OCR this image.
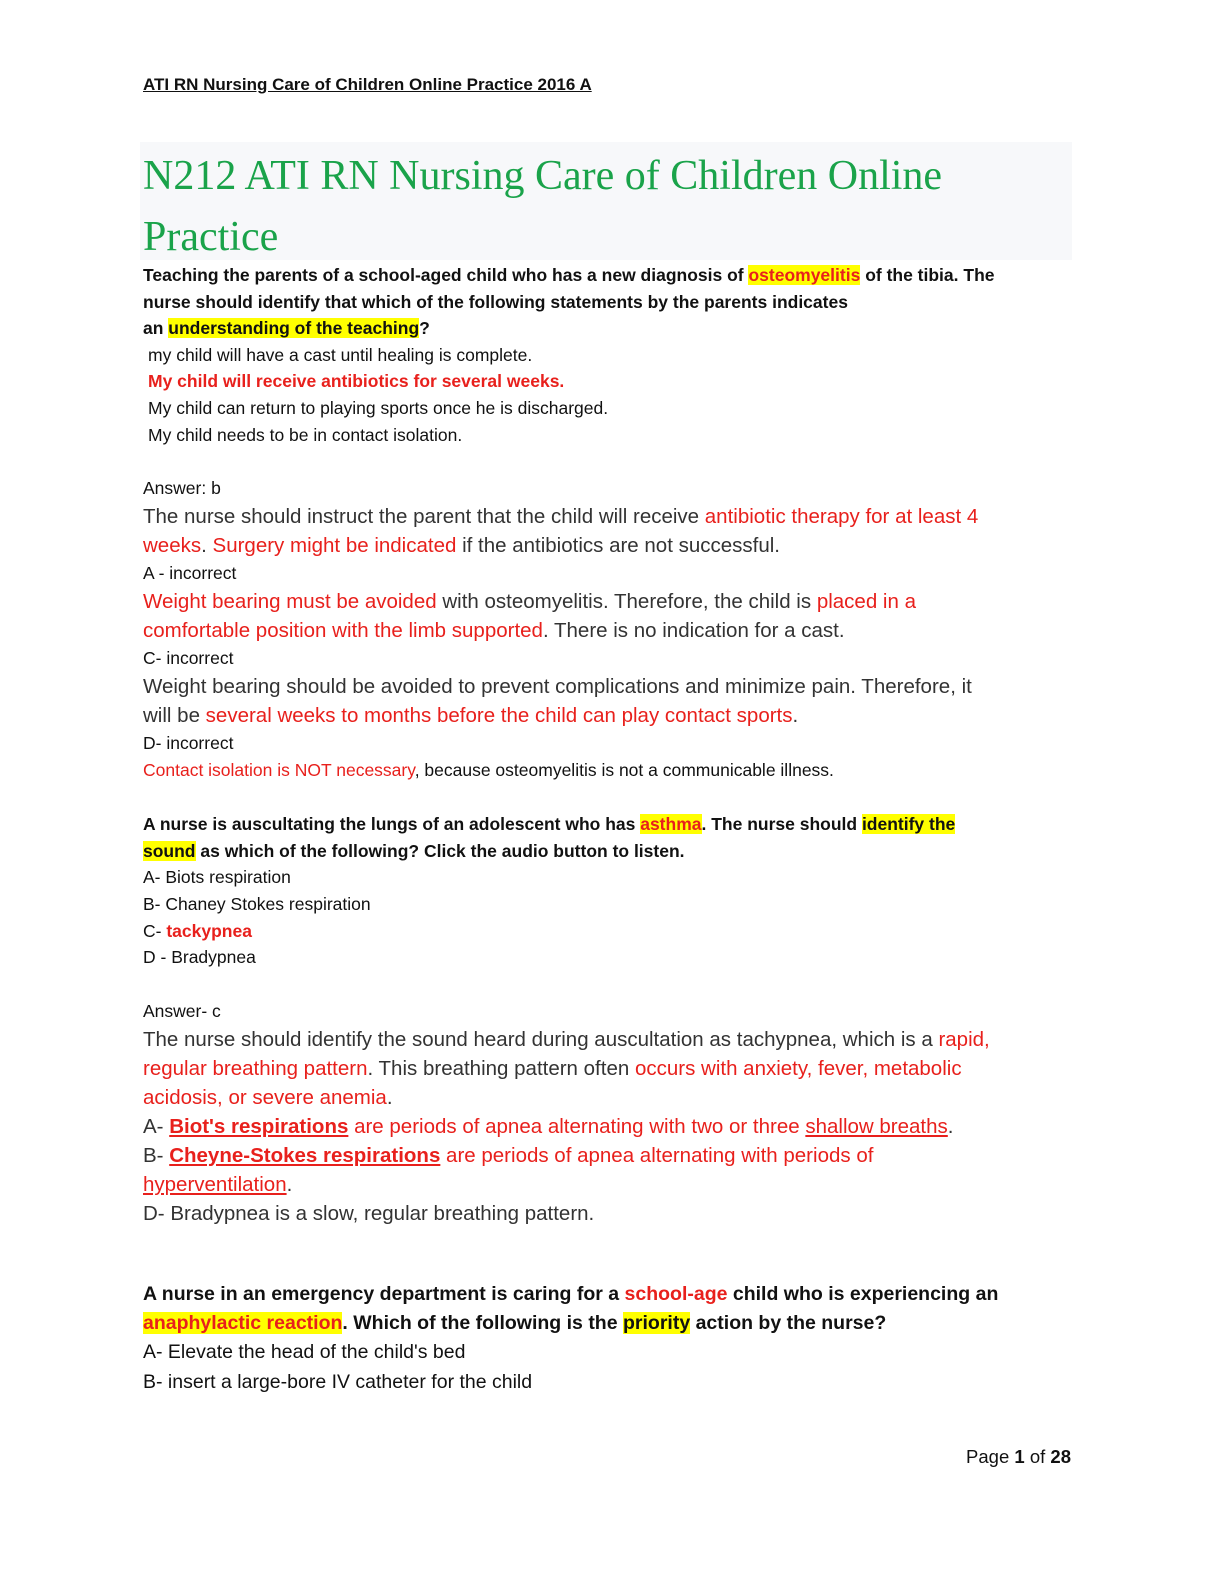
ATI RN Nursing Care of Children Online Practice 2016 A
N212 ATI RN Nursing Care of Children Online Practice
Teaching the parents of a school-aged child who has a new diagnosis of osteomyelitis of the tibia. The
nurse should identify that which of the following statements by the parents indicates
an understanding of the teaching?
my child will have a cast until healing is complete.
My child will receive antibiotics for several weeks.
My child can return to playing sports once he is discharged.
My child needs to be in contact isolation.
Answer: b
The nurse should instruct the parent that the child will receive antibiotic therapy for at least 4
weeks. Surgery might be indicated if the antibiotics are not successful.
A - incorrect
Weight bearing must be avoided with osteomyelitis. Therefore, the child is placed in a
comfortable position with the limb supported. There is no indication for a cast.
C- incorrect
Weight bearing should be avoided to prevent complications and minimize pain. Therefore, it
will be several weeks to months before the child can play contact sports.
D- incorrect
Contact isolation is NOT necessary, because osteomyelitis is not a communicable illness.
A nurse is auscultating the lungs of an adolescent who has asthma. The nurse should identify the
sound as which of the following? Click the audio button to listen.
A- Biots respiration
B- Chaney Stokes respiration
C- tackypnea
D - Bradypnea
Answer- c
The nurse should identify the sound heard during auscultation as tachypnea, which is a rapid,
regular breathing pattern. This breathing pattern often occurs with anxiety, fever, metabolic
acidosis, or severe anemia.
A- Biot's respirations are periods of apnea alternating with two or three shallow breaths.
B- Cheyne-Stokes respirations are periods of apnea alternating with periods of
hyperventilation.
D- Bradypnea is a slow, regular breathing pattern.
A nurse in an emergency department is caring for a school-age child who is experiencing an
anaphylactic reaction. Which of the following is the priority action by the nurse?
A- Elevate the head of the child's bed
B- insert a large-bore IV catheter for the child
Page 1 of 28
